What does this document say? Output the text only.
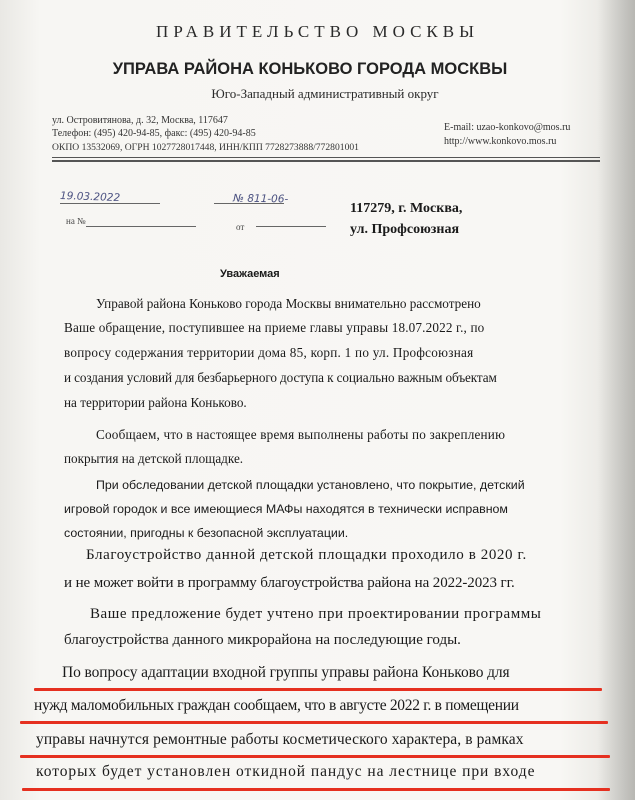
ПРАВИТЕЛЬСТВО МОСКВЫ
УПРАВА РАЙОНА КОНЬКОВО ГОРОДА МОСКВЫ
Юго-Западный административный округ
ул. Островитянова, д. 32, Москва, 117647
Телефон: (495) 420-94-85, факс: (495) 420-94-85
ОКПО 13532069, ОГРН 1027728017448, ИНН/КПП 7728273888/772801001
E-mail: uzao-konkovo@mos.ru
http://www.konkovo.mos.ru
19.03.2022	№ 811-06-
на №
от
117279, г. Москва,
ул. Профсоюзная
Уважаемая
Управой района Коньково города Москвы внимательно рассмотрено
Ваше обращение, поступившее на приеме главы управы 18.07.2022 г., по
вопросу содержания территории дома 85, корп. 1 по ул. Профсоюзная
и создания условий для безбарьерного доступа к социально важным объектам
на территории района Коньково.
Сообщаем, что в настоящее время выполнены работы по закреплению
покрытия на детской площадке.
При обследовании детской площадки установлено, что покрытие, детский
игровой городок и все имеющиеся МАФы находятся в технически исправном
состоянии, пригодны к безопасной эксплуатации.
Благоустройство данной детской площадки проходило в 2020 г.
и не может войти в программу благоустройства района на 2022-2023 гг.
Ваше предложение будет учтено при проектировании программы
благоустройства данного микрорайона на последующие годы.
По вопросу адаптации входной группы управы района Коньково для
нужд маломобильных граждан сообщаем, что в августе 2022 г. в помещении
управы начнутся ремонтные работы косметического характера, в рамках
которых будет установлен откидной пандус на лестнице при входе
